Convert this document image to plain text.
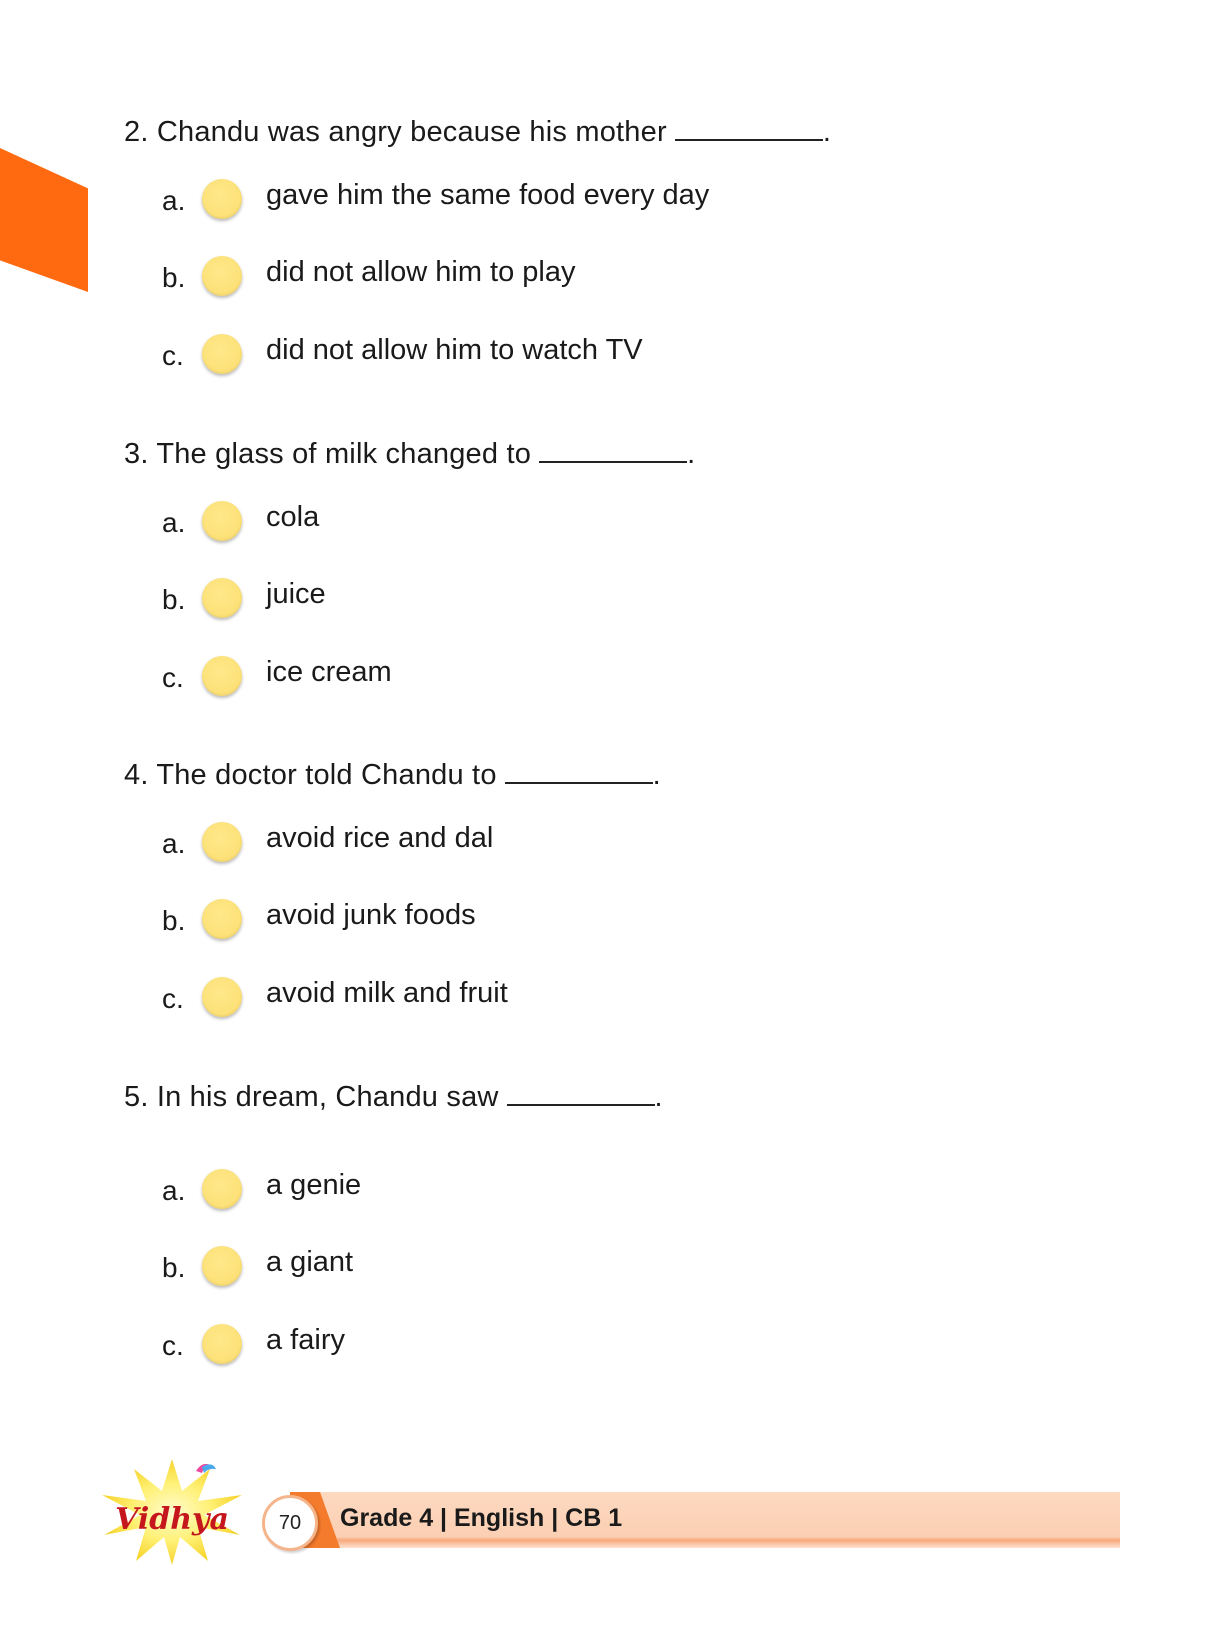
2. Chandu was angry because his mother	.
a.	gave him the same food every day
b.	did not allow him to play
c.	did not allow him to watch TV
3. The glass of milk changed to	.
a.	cola
b.	juice
c.	ice cream
4. The doctor told Chandu to	.
a.	avoid rice and dal
b.	avoid junk foods
c.	avoid milk and fruit
5. In his dream, Chandu saw	.
a.	a genie
b.	a giant
c.	a fairy
Vidhya 70 Grade 4 | English | CB 1
